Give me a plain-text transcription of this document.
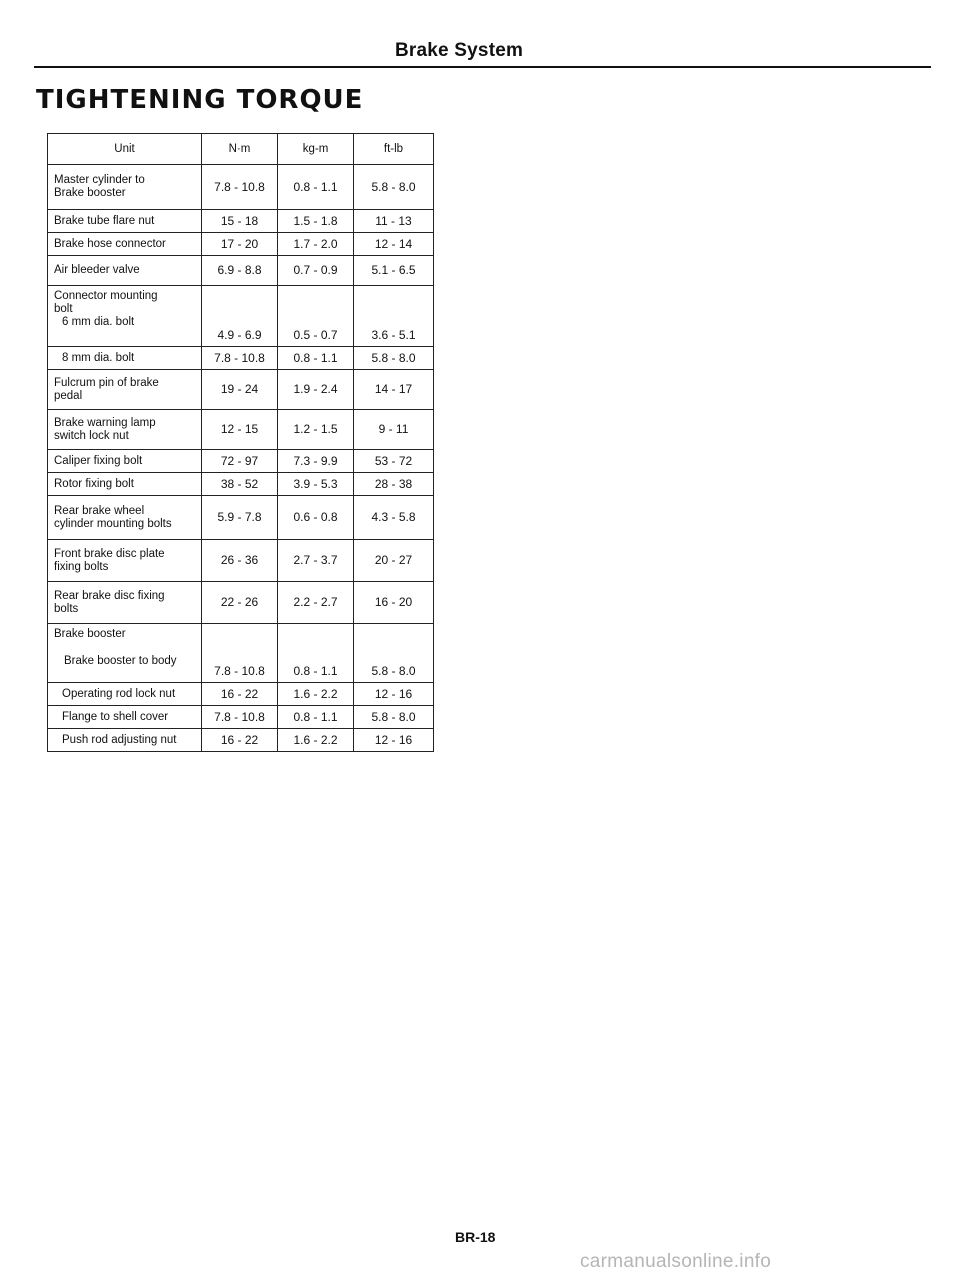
Brake System
TIGHTENING TORQUE
Unit	N·m	kg-m	ft-lb

Master cylinder to
Brake booster	7.8 - 10.8	0.8 - 1.1	5.8 - 8.0

Brake tube flare nut	15 - 18	1.5 - 1.8	11 - 13

Brake hose connector	17 - 20	1.7 - 2.0	12 - 14

Air bleeder valve	6.9 - 8.8	0.7 - 0.9	5.1 - 6.5

Connector mounting
bolt
6 mm dia. bolt	4.9 - 6.9	0.5 - 0.7	3.6 - 5.1

8 mm dia. bolt	7.8 - 10.8	0.8 - 1.1	5.8 - 8.0

Fulcrum pin of brake
pedal	19 - 24	1.9 - 2.4	14 - 17

Brake warning lamp
switch lock nut	12 - 15	1.2 - 1.5	9 - 11

Caliper fixing bolt	72 - 97	7.3 - 9.9	53 - 72

Rotor fixing bolt	38 - 52	3.9 - 5.3	28 - 38

Rear brake wheel
cylinder mounting bolts	5.9 - 7.8	0.6 - 0.8	4.3 - 5.8

Front brake disc plate
fixing bolts	26 - 36	2.7 - 3.7	20 - 27

Rear brake disc fixing
bolts	22 - 26	2.2 - 2.7	16 - 20

Brake booster
Brake booster to body	7.8 - 10.8	0.8 - 1.1	5.8 - 8.0

Operating rod lock nut	16 - 22	1.6 - 2.2	12 - 16

Flange to shell cover	7.8 - 10.8	0.8 - 1.1	5.8 - 8.0

Push rod adjusting nut	16 - 22	1.6 - 2.2	12 - 16
BR-18
carmanualsonline.info
